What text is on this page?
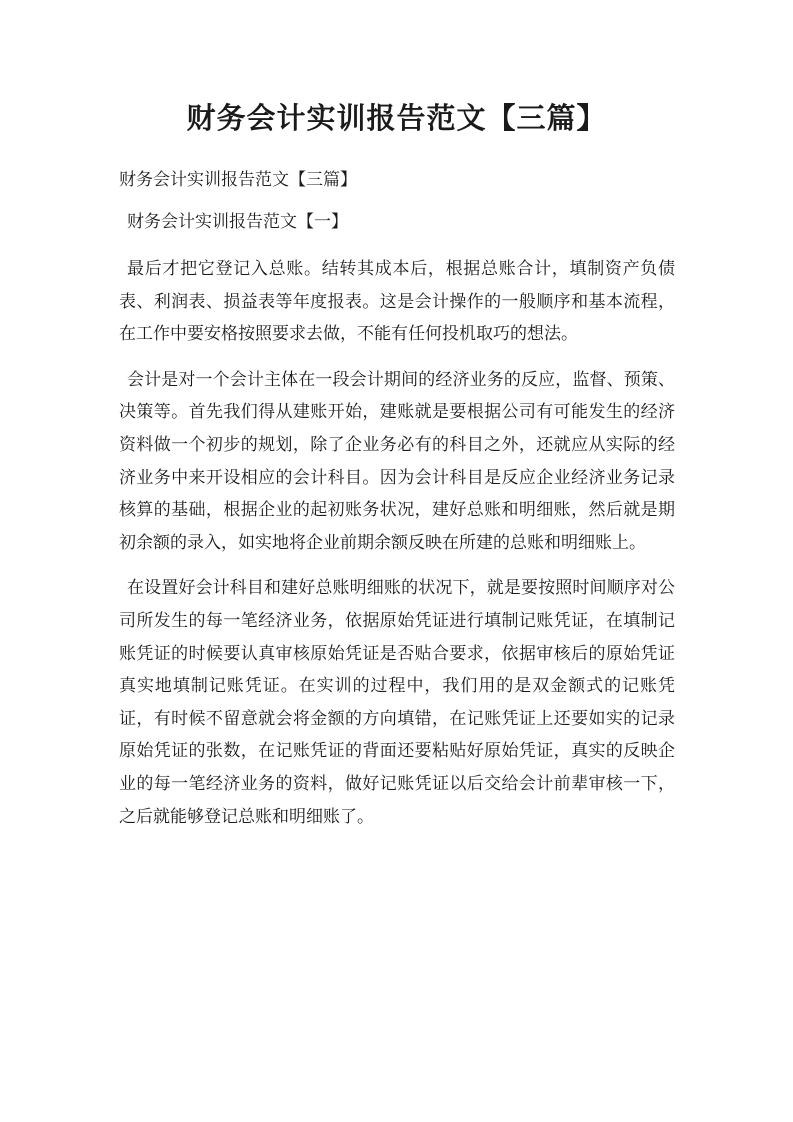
财务会计实训报告范文【三篇】

财务会计实训报告范文【三篇】

财务会计实训报告范文【一】

最后才把它登记入总账。结转其成本后，根据总账合计，填制资产负债表、利润表、损益表等年度报表。这是会计操作的一般顺序和基本流程，在工作中要安格按照要求去做，不能有任何投机取巧的想法。

会计是对一个会计主体在一段会计期间的经济业务的反应，监督、预策、决策等。首先我们得从建账开始，建账就是要根据公司有可能发生的经济资料做一个初步的规划，除了企业务必有的科目之外，还就应从实际的经济业务中来开设相应的会计科目。因为会计科目是反应企业经济业务记录核算的基础，根据企业的起初账务状况，建好总账和明细账，然后就是期初余额的录入，如实地将企业前期余额反映在所建的总账和明细账上。

在设置好会计科目和建好总账明细账的状况下，就是要按照时间顺序对公司所发生的每一笔经济业务，依据原始凭证进行填制记账凭证，在填制记账凭证的时候要认真审核原始凭证是否贴合要求，依据审核后的原始凭证真实地填制记账凭证。在实训的过程中，我们用的是双金额式的记账凭证，有时候不留意就会将金额的方向填错，在记账凭证上还要如实的记录原始凭证的张数，在记账凭证的背面还要粘贴好原始凭证，真实的反映企业的每一笔经济业务的资料，做好记账凭证以后交给会计前辈审核一下，之后就能够登记总账和明细账了。
